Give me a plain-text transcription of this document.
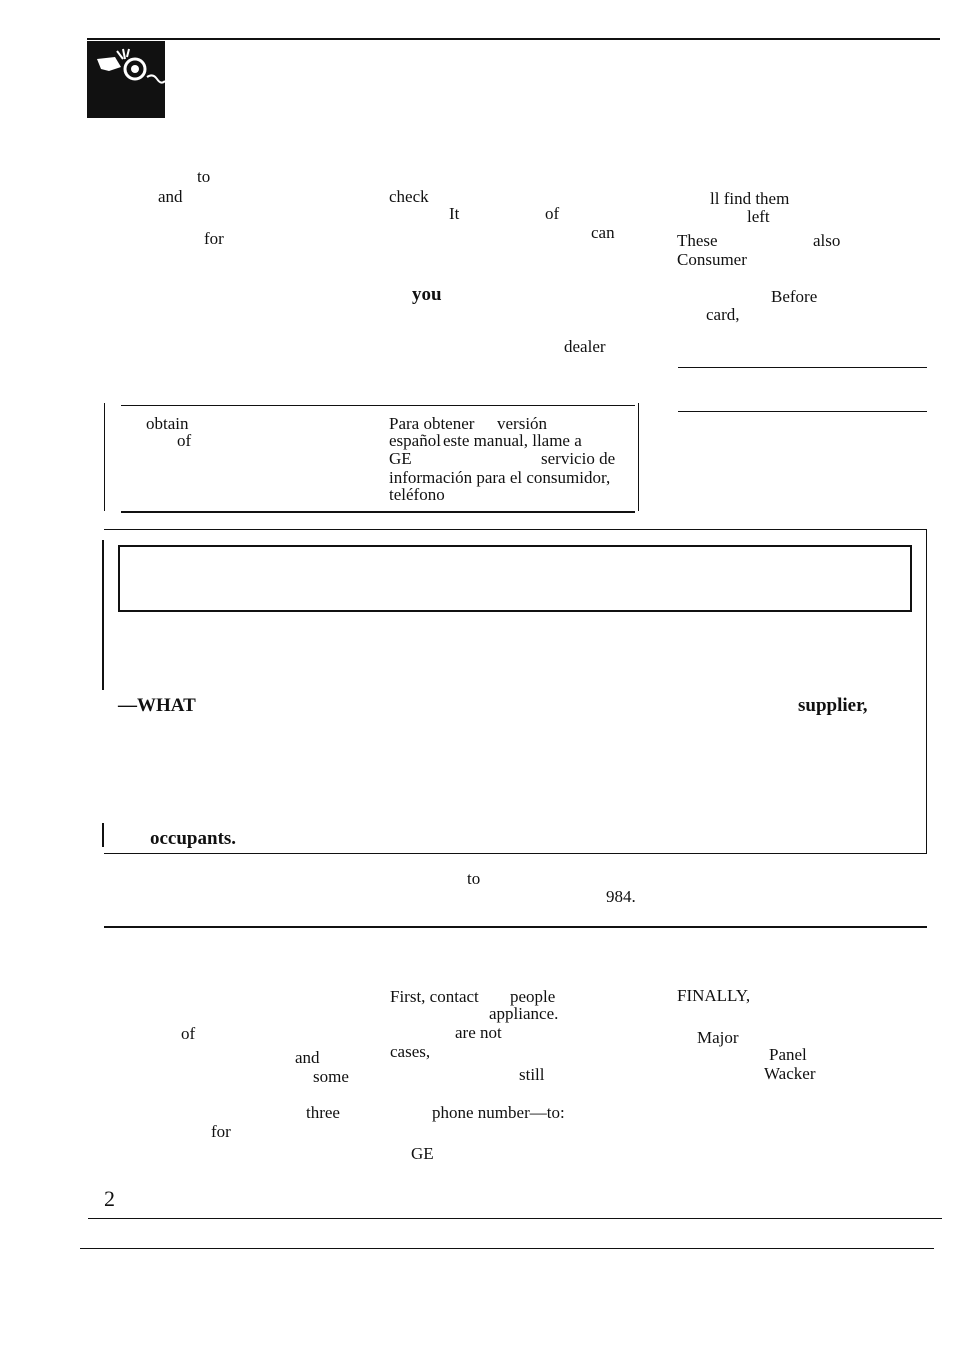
to
and
for
check
It	of
can
you
dealer
ll find them
left
These	also
Consumer
Before
card,
obtain
of
Para obtener versión
español este manual, llame a
GE	servicio de
información para el consumidor,
teléfono
—WHAT	supplier,
occupants.
to
984.
of
and
some
three
for
First, contact people
appliance.
are not
cases,
still
phone number—to:
GE
FINALLY,
Major
Panel
Wacker
2
